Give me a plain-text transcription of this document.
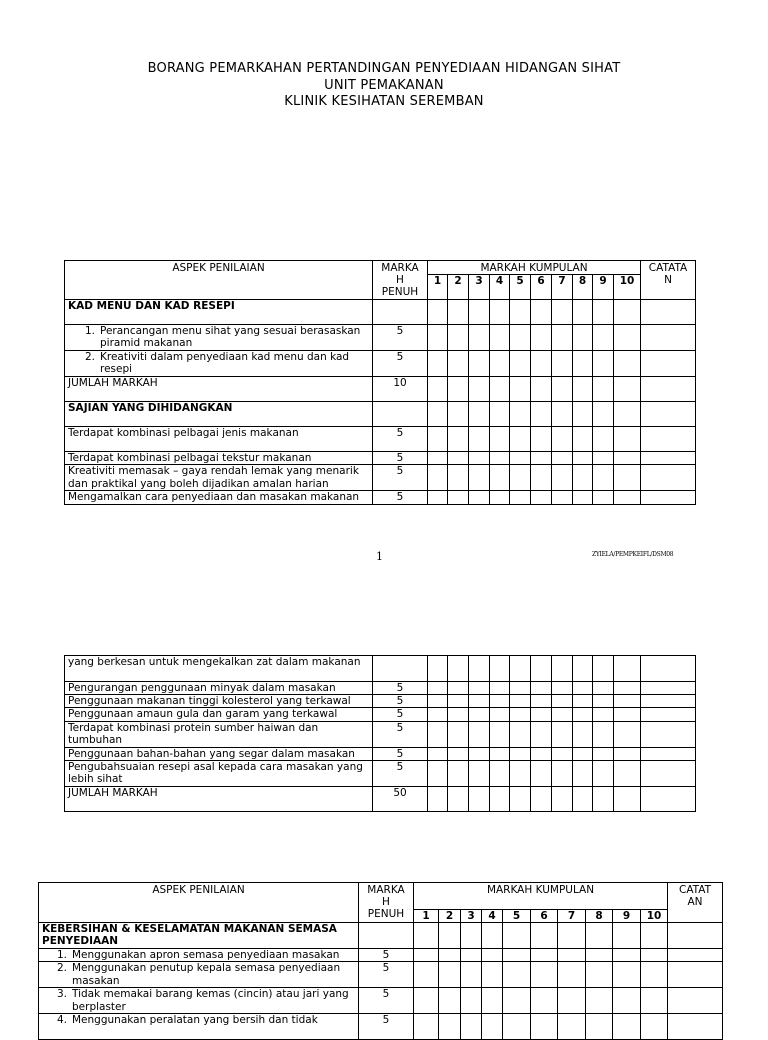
BORANG PEMARKAHAN PERTANDINGAN PENYEDIAAN HIDANGAN SIHAT
UNIT PEMAKANAN
KLINIK KESIHATAN SEREMBAN
ASPEK PENILAIAN	MARKA
H
PENUH	MARKAH KUMPULAN										CATATA
N
		1	2	3	4	5	6	7	8	9	10	
KAD MENU DAN KAD RESEPI												

1. Perancangan menu sihat yang sesuai berasaskan piramid makanan	5											

2. Kreativiti dalam penyediaan kad menu dan kad resepi	5											
JUMLAH MARKAH	10											
SAJIAN YANG DIHIDANGKAN												
Terdapat kombinasi pelbagai jenis makanan	5											
Terdapat kombinasi pelbagai tekstur makanan	5											
Kreativiti memasak – gaya rendah lemak yang menarik dan praktikal yang boleh dijadikan amalan harian	5											
Mengamalkan cara penyediaan dan masakan makanan	5											
1	ZYIELA/PEMPKEIFL/DSM08
yang berkesan untuk mengekalkan zat dalam makanan												
Pengurangan penggunaan minyak dalam masakan	5											
Penggunaan makanan tinggi kolesterol yang terkawal	5											
Penggunaan amaun gula dan garam yang terkawal	5											
Terdapat kombinasi protein sumber haiwan dan tumbuhan	5											
Penggunaan bahan-bahan yang segar dalam masakan	5											
Pengubahsuaian resepi asal kepada cara masakan yang lebih sihat	5											
JUMLAH MARKAH	50											
ASPEK PENILAIAN	MARKA
H
PENUH	MARKAH KUMPULAN										CATAT
AN
		1	2	3	4	5	6	7	8	9	10	
KEBERSIHAN & KESELAMATAN MAKANAN SEMASA PENYEDIAAN												

1. Menggunakan apron semasa penyediaan masakan	5											

2. Menggunakan penutup kepala semasa penyediaan masakan	5											

3. Tidak memakai barang kemas (cincin) atau jari yang berplaster	5											

4. Menggunakan peralatan yang bersih dan tidak	5											
